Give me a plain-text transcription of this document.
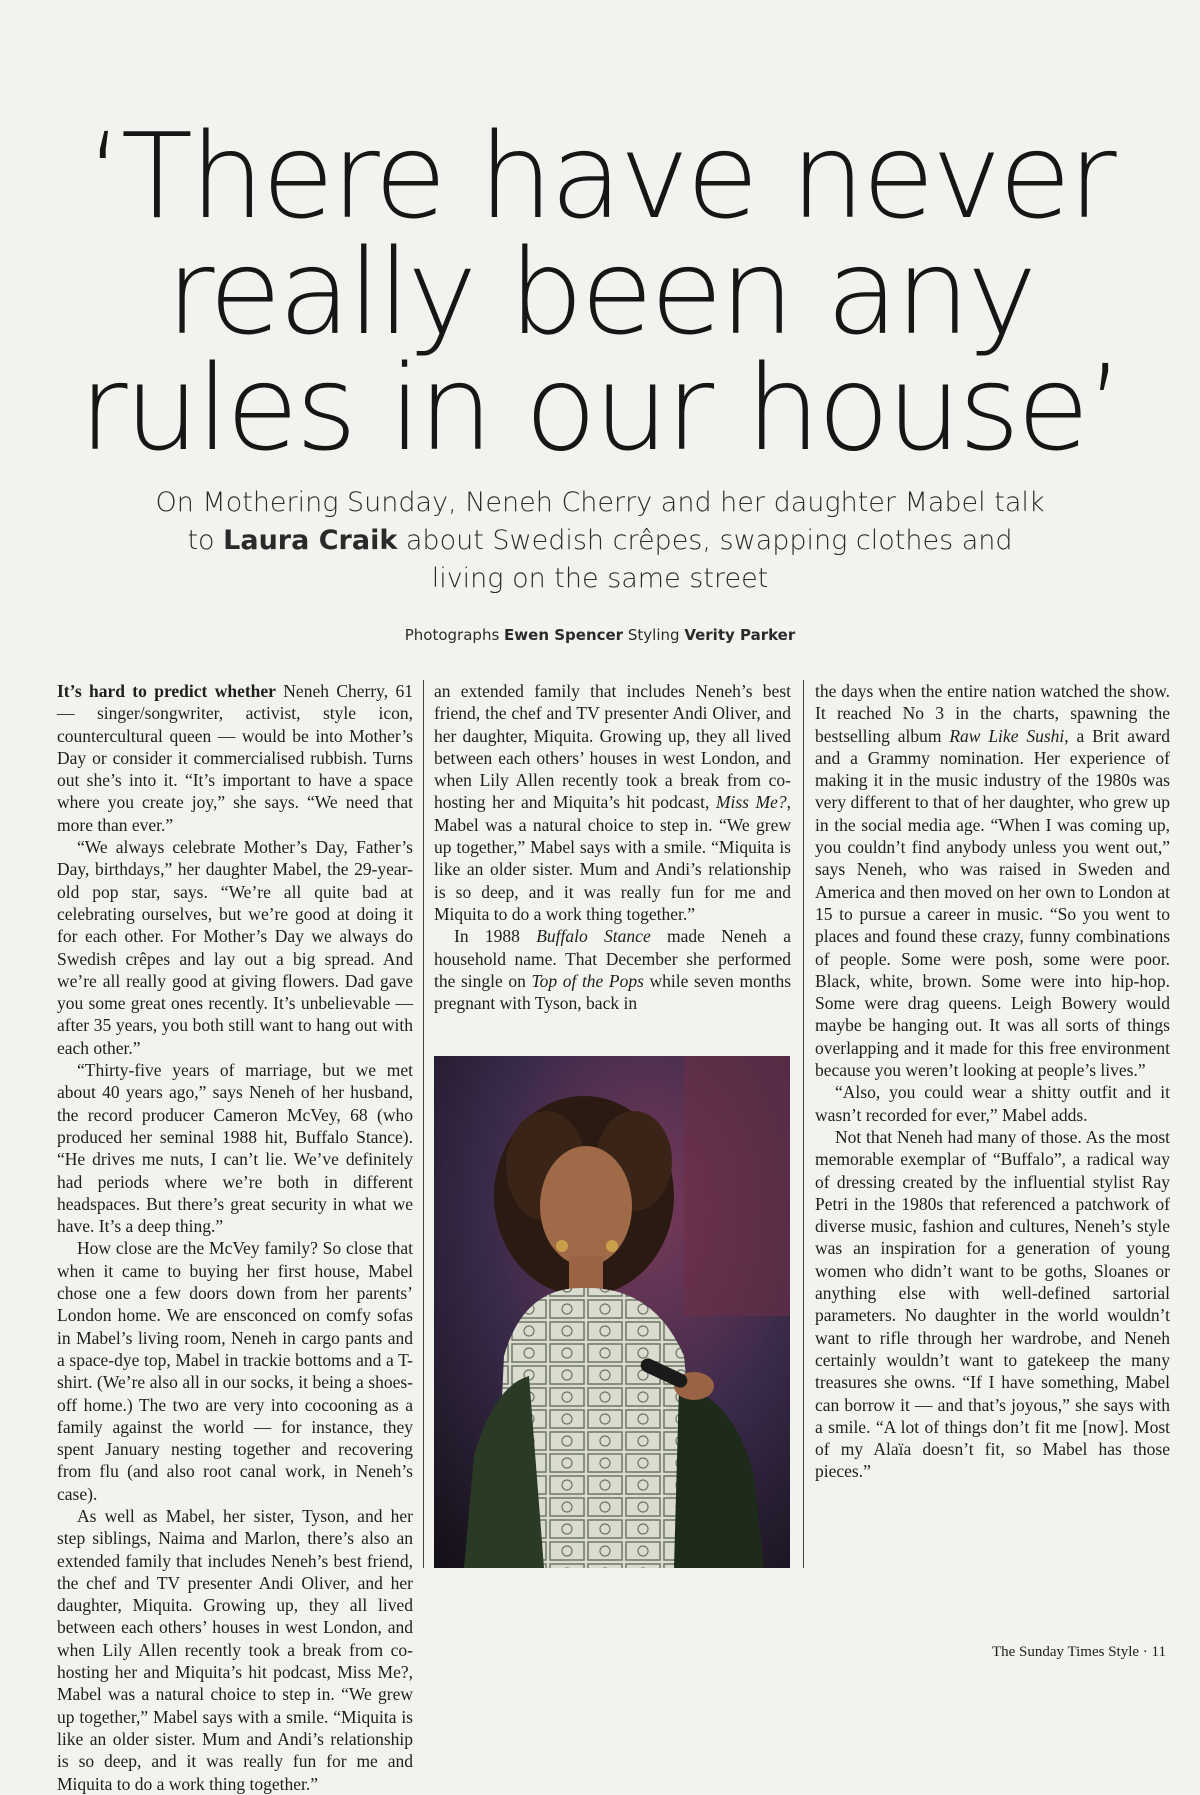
‘There have never
really been any
rules in our house’

On Mothering Sunday, Neneh Cherry and her daughter Mabel talk to Laura Craik about Swedish crêpes, swapping clothes and living on the same street

Photographs Ewen Spencer Styling Verity Parker

It’s hard to predict whether Neneh Cherry, 61 — singer/songwriter, activist, style icon, countercultural queen — would be into Mother’s Day or consider it commercialised rubbish. Turns out she’s into it. “It’s important to have a space where you create joy,” she says. “We need that more than ever.”

“We always celebrate Mother’s Day, Father’s Day, birthdays,” her daughter Mabel, the 29-year-old pop star, says. “We’re all quite bad at celebrating ourselves, but we’re good at doing it for each other. For Mother’s Day we always do Swedish crêpes and lay out a big spread. And we’re all really good at giving flowers. Dad gave you some great ones recently. It’s unbelievable — after 35 years, you both still want to hang out with each other.”

“Thirty-five years of marriage, but we met about 40 years ago,” says Neneh of her husband, the record producer Cameron McVey, 68 (who produced her seminal 1988 hit, Buffalo Stance). “He drives me nuts, I can’t lie. We’ve definitely had periods where we’re both in different headspaces. But there’s great security in what we have. It’s a deep thing.”

How close are the McVey family? So close that when it came to buying her first house, Mabel chose one a few doors down from her parents’ London home. We are ensconced on comfy sofas in Mabel’s living room, Neneh in cargo pants and a space-dye top, Mabel in trackie bottoms and a T-shirt. (We’re also all in our socks, it being a shoes-off home.) The two are very into cocooning as a family against the world — for instance, they spent January nesting together and recovering from flu (and also root canal work, in Neneh’s case).

As well as Mabel, her sister, Tyson, and her step siblings, Naima and Marlon, there’s also an extended family that includes Neneh’s best friend, the chef and TV presenter Andi Oliver, and her daughter, Miquita. Growing up, they all lived between each others’ houses in west London, and when Lily Allen recently took a break from co-hosting her and Miquita’s hit podcast, Miss Me?, Mabel was a natural choice to step in. “We grew up together,” Mabel says with a smile. “Miquita is like an older sister. Mum and Andi’s relationship is so deep, and it was really fun for me and Miquita to do a work thing together.”

an extended family that includes Neneh’s best friend, the chef and TV presenter Andi Oliver, and her daughter, Miquita. Growing up, they all lived between each others’ houses in west London, and when Lily Allen recently took a break from co-hosting her and Miquita’s hit podcast, Miss Me?, Mabel was a natural choice to step in. “We grew up together,” Mabel says with a smile. “Miquita is like an older sister. Mum and Andi’s relationship is so deep, and it was really fun for me and Miquita to do a work thing together.”

In 1988 Buffalo Stance made Neneh a household name. That December she performed the single on Top of the Pops while seven months pregnant with Tyson, back in

the days when the entire nation watched the show. It reached No 3 in the charts, spawning the bestselling album Raw Like Sushi, a Brit award and a Grammy nomination. Her experience of making it in the music industry of the 1980s was very different to that of her daughter, who grew up in the social media age. “When I was coming up, you couldn’t find anybody unless you went out,” says Neneh, who was raised in Sweden and America and then moved on her own to London at 15 to pursue a career in music. “So you went to places and found these crazy, funny combinations of people. Some were posh, some were poor. Black, white, brown. Some were into hip-hop. Some were drag queens. Leigh Bowery would maybe be hanging out. It was all sorts of things overlapping and it made for this free environment because you weren’t looking at people’s lives.”

“Also, you could wear a shitty outfit and it wasn’t recorded for ever,” Mabel adds.

Not that Neneh had many of those. As the most memorable exemplar of “Buffalo”, a radical way of dressing created by the influential stylist Ray Petri in the 1980s that referenced a patchwork of diverse music, fashion and cultures, Neneh’s style was an inspiration for a generation of young women who didn’t want to be goths, Sloanes or anything else with well-defined sartorial parameters. No daughter in the world wouldn’t want to rifle through her wardrobe, and Neneh certainly wouldn’t want to gatekeep the many treasures she owns. “If I have something, Mabel can borrow it — and that’s joyous,” she says with a smile. “A lot of things don’t fit me [now]. Most of my Alaïa doesn’t fit, so Mabel has those pieces.”

The Sunday Times Style · 11
